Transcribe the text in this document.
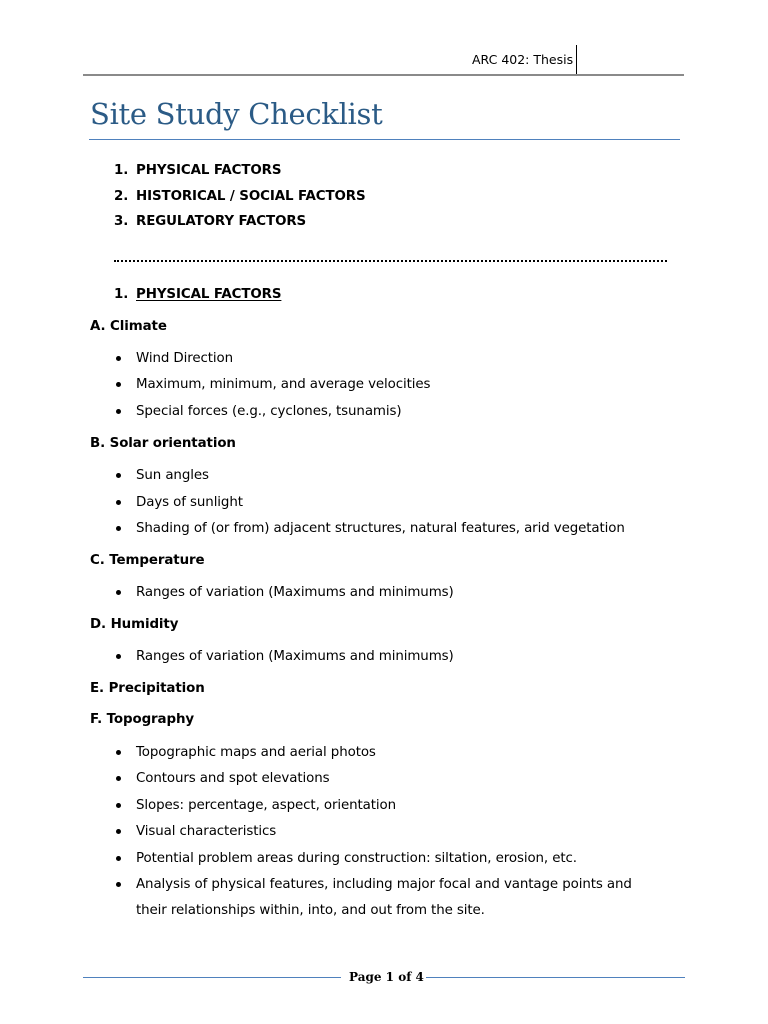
ARC 402: Thesis
Site Study Checklist
1. PHYSICAL FACTORS
2. HISTORICAL / SOCIAL FACTORS
3. REGULATORY FACTORS
1. PHYSICAL FACTORS
A. Climate
Wind Direction
Maximum, minimum, and average velocities
Special forces (e.g., cyclones, tsunamis)
B. Solar orientation
Sun angles
Days of sunlight
Shading of (or from) adjacent structures, natural features, arid vegetation
C. Temperature
Ranges of variation (Maximums and minimums)
D. Humidity
Ranges of variation (Maximums and minimums)
E. Precipitation
F. Topography
Topographic maps and aerial photos
Contours and spot elevations
Slopes: percentage, aspect, orientation
Visual characteristics
Potential problem areas during construction: siltation, erosion, etc.
Analysis of physical features, including major focal and vantage points and
their relationships within, into, and out from the site.
Page 1 of 4
